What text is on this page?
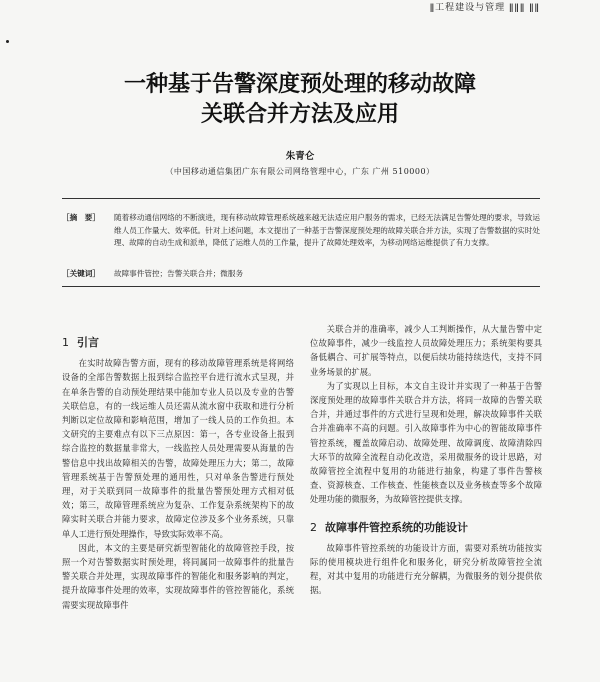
ǁ工程建设与管理 ǁǁǁ ǁǁ
一种基于告警深度预处理的移动故障
关联合并方法及应用
朱青仑
（中国移动通信集团广东有限公司网络管理中心，广东 广州 510000）
［摘　要］	随着移动通信网络的不断演进，现有移动故障管理系统越来越无法适应用户服务的需求，已经无法满足告警处理的要求，导致运维人员工作量大、效率低。针对上述问题，本文提出了一种基于告警深度预处理的故障关联合并方法，实现了告警数据的实时处理、故障的自动生成和派单，降低了运维人员的工作量，提升了故障处理效率，为移动网络运维提供了有力支撑。
［关键词］	故障事件管控；告警关联合并；微服务
1 引言

在实时故障告警方面，现有的移动故障管理系统是将网络设备的全部告警数据上报到综合监控平台进行流水式呈现，并在单条告警的自动预处理结果中能加专业人员以及专业的告警关联信息，有的一线运维人员还需从流水窗中获取和进行分析判断以定位故障和影响范围，增加了一线人员的工作负担。本文研究的主要难点有以下三点原因：第一，各专业设备上报到综合监控的数据量非常大，一线监控人员处理需要从海量的告警信息中找出故障相关的告警，故障处理压力大；第二，故障管理系统基于告警预处理的通用性，只对单条告警进行预处理，对于关联到同一故障事件的批量告警预处理方式相对低效；第三，故障管理系统应为复杂、工作复杂系统架构下的故障实时关联合并能力要求，故障定位涉及多个业务系统，只靠单人工进行预处理操作，导致实际效率不高。

因此，本文的主要是研究新型智能化的故障管控手段，按照一个对告警数据实时预处理，将同属同一故障事件的批量告警关联合并处理，实现故障事件的智能化和服务影响的判定，提升故障事件处理的效率，实现故障事件的管控智能化，系统需要实现故障事件

关联合并的准确率，减少人工判断操作，从大量告警中定位故障事件，减少一线监控人员故障处理压力；系统架构要具备低耦合、可扩展等特点，以便后续功能持续迭代，支持不同业务场景的扩展。

为了实现以上目标，本文自主设计并实现了一种基于告警深度预处理的故障事件关联合并方法，将同一故障的告警关联合并，并通过事件的方式进行呈现和处理，解决故障事件关联合并准确率不高的问题。引入故障事件为中心的智能故障事件管控系统，覆盖故障启动、故障处理、故障调度、故障清除四大环节的故障全流程自动化改造，采用微服务的设计思路，对故障管控全流程中复用的功能进行抽象，构建了事件告警核查、资源核查、工作核查、性能核查以及业务核查等多个故障处理功能的微服务，为故障管控提供支撑。

2 故障事件管控系统的功能设计

故障事件管控系统的功能设计方面，需要对系统功能按实际的使用模块进行组件化和服务化，研究分析故障管控全流程，对其中复用的功能进行充分解耦，为微服务的划分提供依据。
